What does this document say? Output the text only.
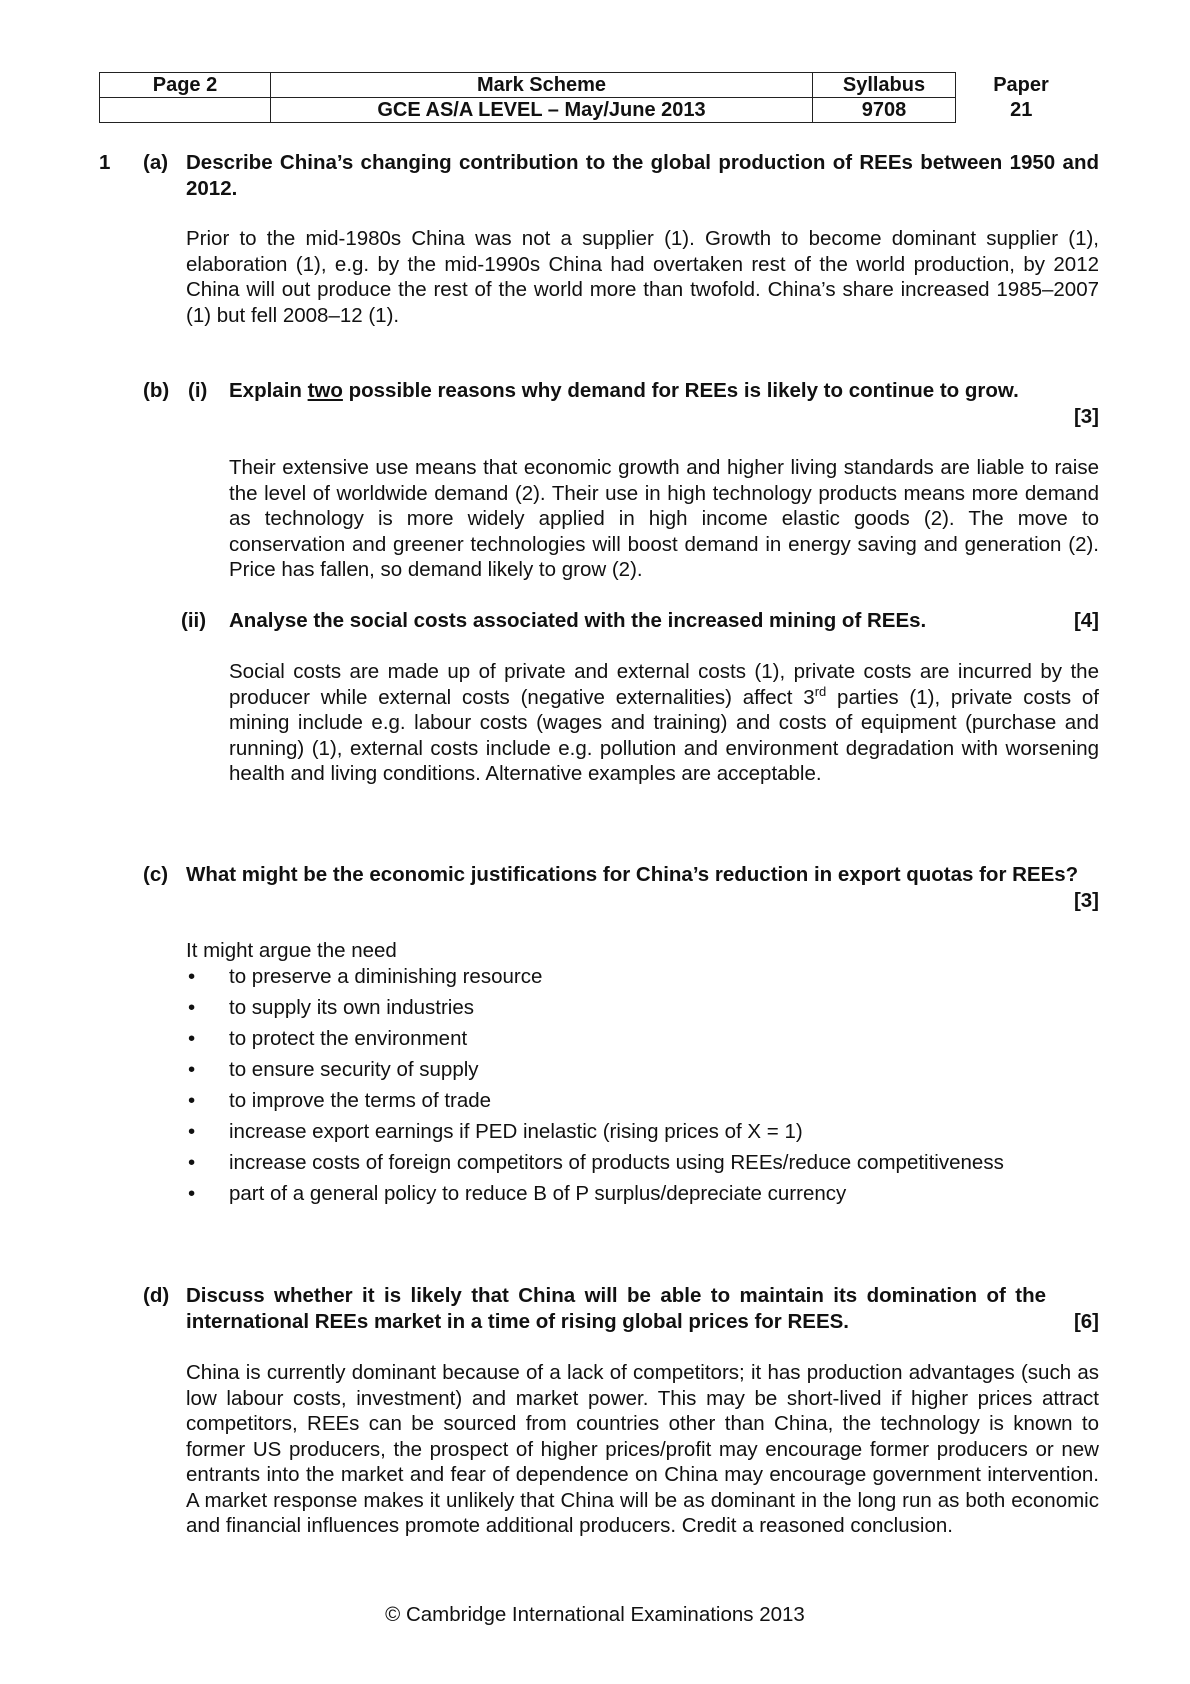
Page 2	Mark Scheme	Syllabus	Paper
	GCE AS/A LEVEL – May/June 2013	9708	21
1 (a) Describe China’s changing contribution to the global production of REEs between 1950 and 2012.
Prior to the mid-1980s China was not a supplier (1). Growth to become dominant supplier (1), elaboration (1), e.g. by the mid-1990s China had overtaken rest of the world production, by 2012 China will out produce the rest of the world more than twofold. China’s share increased 1985–2007 (1) but fell 2008–12 (1).
(b) (i) Explain two possible reasons why demand for REEs is likely to continue to grow.
[3]
Their extensive use means that economic growth and higher living standards are liable to raise the level of worldwide demand (2). Their use in high technology products means more demand as technology is more widely applied in high income elastic goods (2). The move to conservation and greener technologies will boost demand in energy saving and generation (2). Price has fallen, so demand likely to grow (2).
(ii) Analyse the social costs associated with the increased mining of REEs.	[4]
Social costs are made up of private and external costs (1), private costs are incurred by the producer while external costs (negative externalities) affect 3rd parties (1), private costs of mining include e.g. labour costs (wages and training) and costs of equipment (purchase and running) (1), external costs include e.g. pollution and environment degradation with worsening health and living conditions. Alternative examples are acceptable.
(c) What might be the economic justifications for China’s reduction in export quotas for REEs?
[3]
It might argue the need
•	to preserve a diminishing resource
•	to supply its own industries
•	to protect the environment
•	to ensure security of supply
•	to improve the terms of trade
•	increase export earnings if PED inelastic (rising prices of X = 1)
•	increase costs of foreign competitors of products using REEs/reduce competitiveness
•	part of a general policy to reduce B of P surplus/depreciate currency
(d) Discuss whether it is likely that China will be able to maintain its domination of the international REEs market in a time of rising global prices for REES.	[6]
China is currently dominant because of a lack of competitors; it has production advantages (such as low labour costs, investment) and market power. This may be short-lived if higher prices attract competitors, REEs can be sourced from countries other than China, the technology is known to former US producers, the prospect of higher prices/profit may encourage former producers or new entrants into the market and fear of dependence on China may encourage government intervention. A market response makes it unlikely that China will be as dominant in the long run as both economic and financial influences promote additional producers. Credit a reasoned conclusion.
© Cambridge International Examinations 2013
